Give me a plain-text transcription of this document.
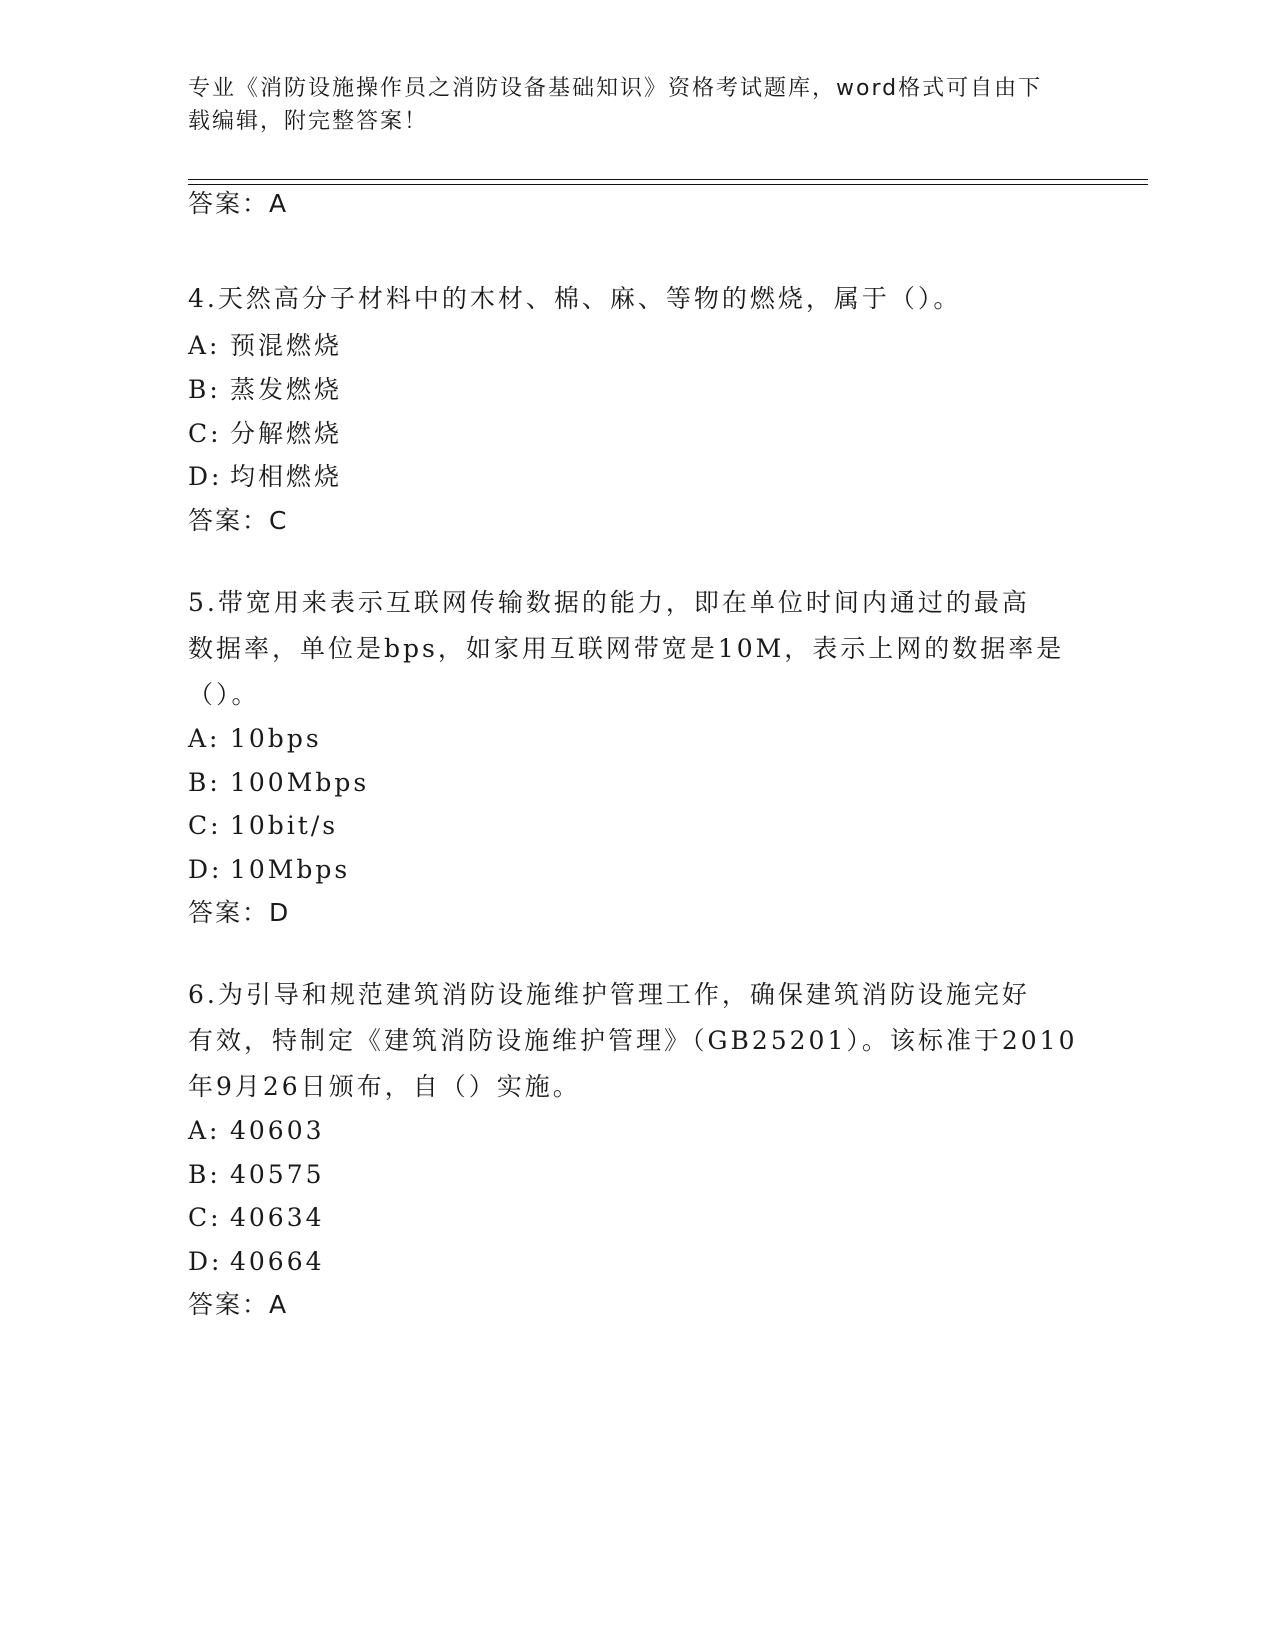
专业《消防设施操作员之消防设备基础知识》资格考试题库，word格式可自由下
载编辑，附完整答案！
答案：A
4.天然高分子材料中的木材、棉、麻、等物的燃烧，属于（）。
A: 预混燃烧
B: 蒸发燃烧
C: 分解燃烧
D: 均相燃烧
答案：C
5.带宽用来表示互联网传输数据的能力，即在单位时间内通过的最高
数据率，单位是bps，如家用互联网带宽是10M，表示上网的数据率是
（）。
A: 10bps
B: 100Mbps
C: 10bit/s
D: 10Mbps
答案：D
6.为引导和规范建筑消防设施维护管理工作，确保建筑消防设施完好
有效，特制定《建筑消防设施维护管理》（GB25201）。该标准于2010
年9月26日颁布，自（）实施。
A: 40603
B: 40575
C: 40634
D: 40664
答案：A
